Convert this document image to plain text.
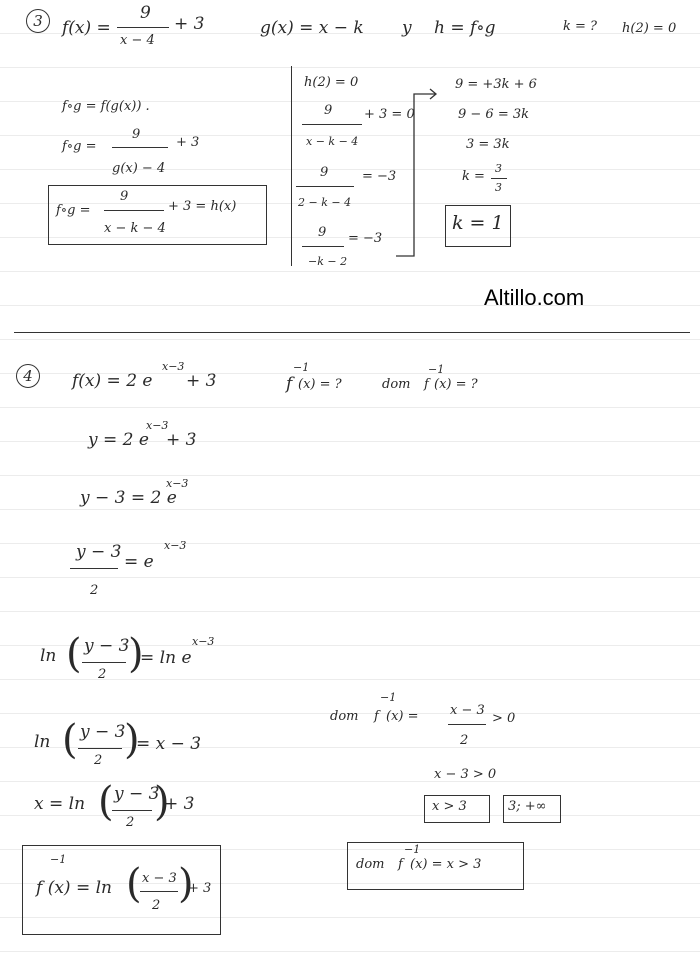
3	f(x) =
9
x − 4
+ 3	g(x) = x − k y h = f∘g	k = ? h(2) = 0
f∘g = f(g(x)) .
f∘g =
9
g(x) − 4
+ 3
f∘g =
9
x − k − 4
+ 3 = h(x)
h(2) = 0
9
x − k − 4
+ 3 = 0
9
2 − k − 4
= −3
9
−k − 2
= −3
9 = +3k + 6
9 − 6 = 3k
3 = 3k
k =
3
3
k = 1
Altillo.com
4	f(x) = 2 e
x−3
+ 3	f
−1
(x) = ?	dom f
−1
(x) = ?
y = 2 e
x−3
+ 3
y − 3 = 2 e
x−3
y − 3
2
= e
x−3
ln ( y − 3
2 )
= ln e
x−3
ln ( y − 3
2 )
= x − 3
x = ln ( y − 3
2 )
+ 3
−1
f (x) = ln ( x − 3
2 )
+ 3
dom f
−1
(x) = x − 3
2
> 0
x − 3 > 0
x > 3	3; +∞
dom f
−1
(x) = x > 3
